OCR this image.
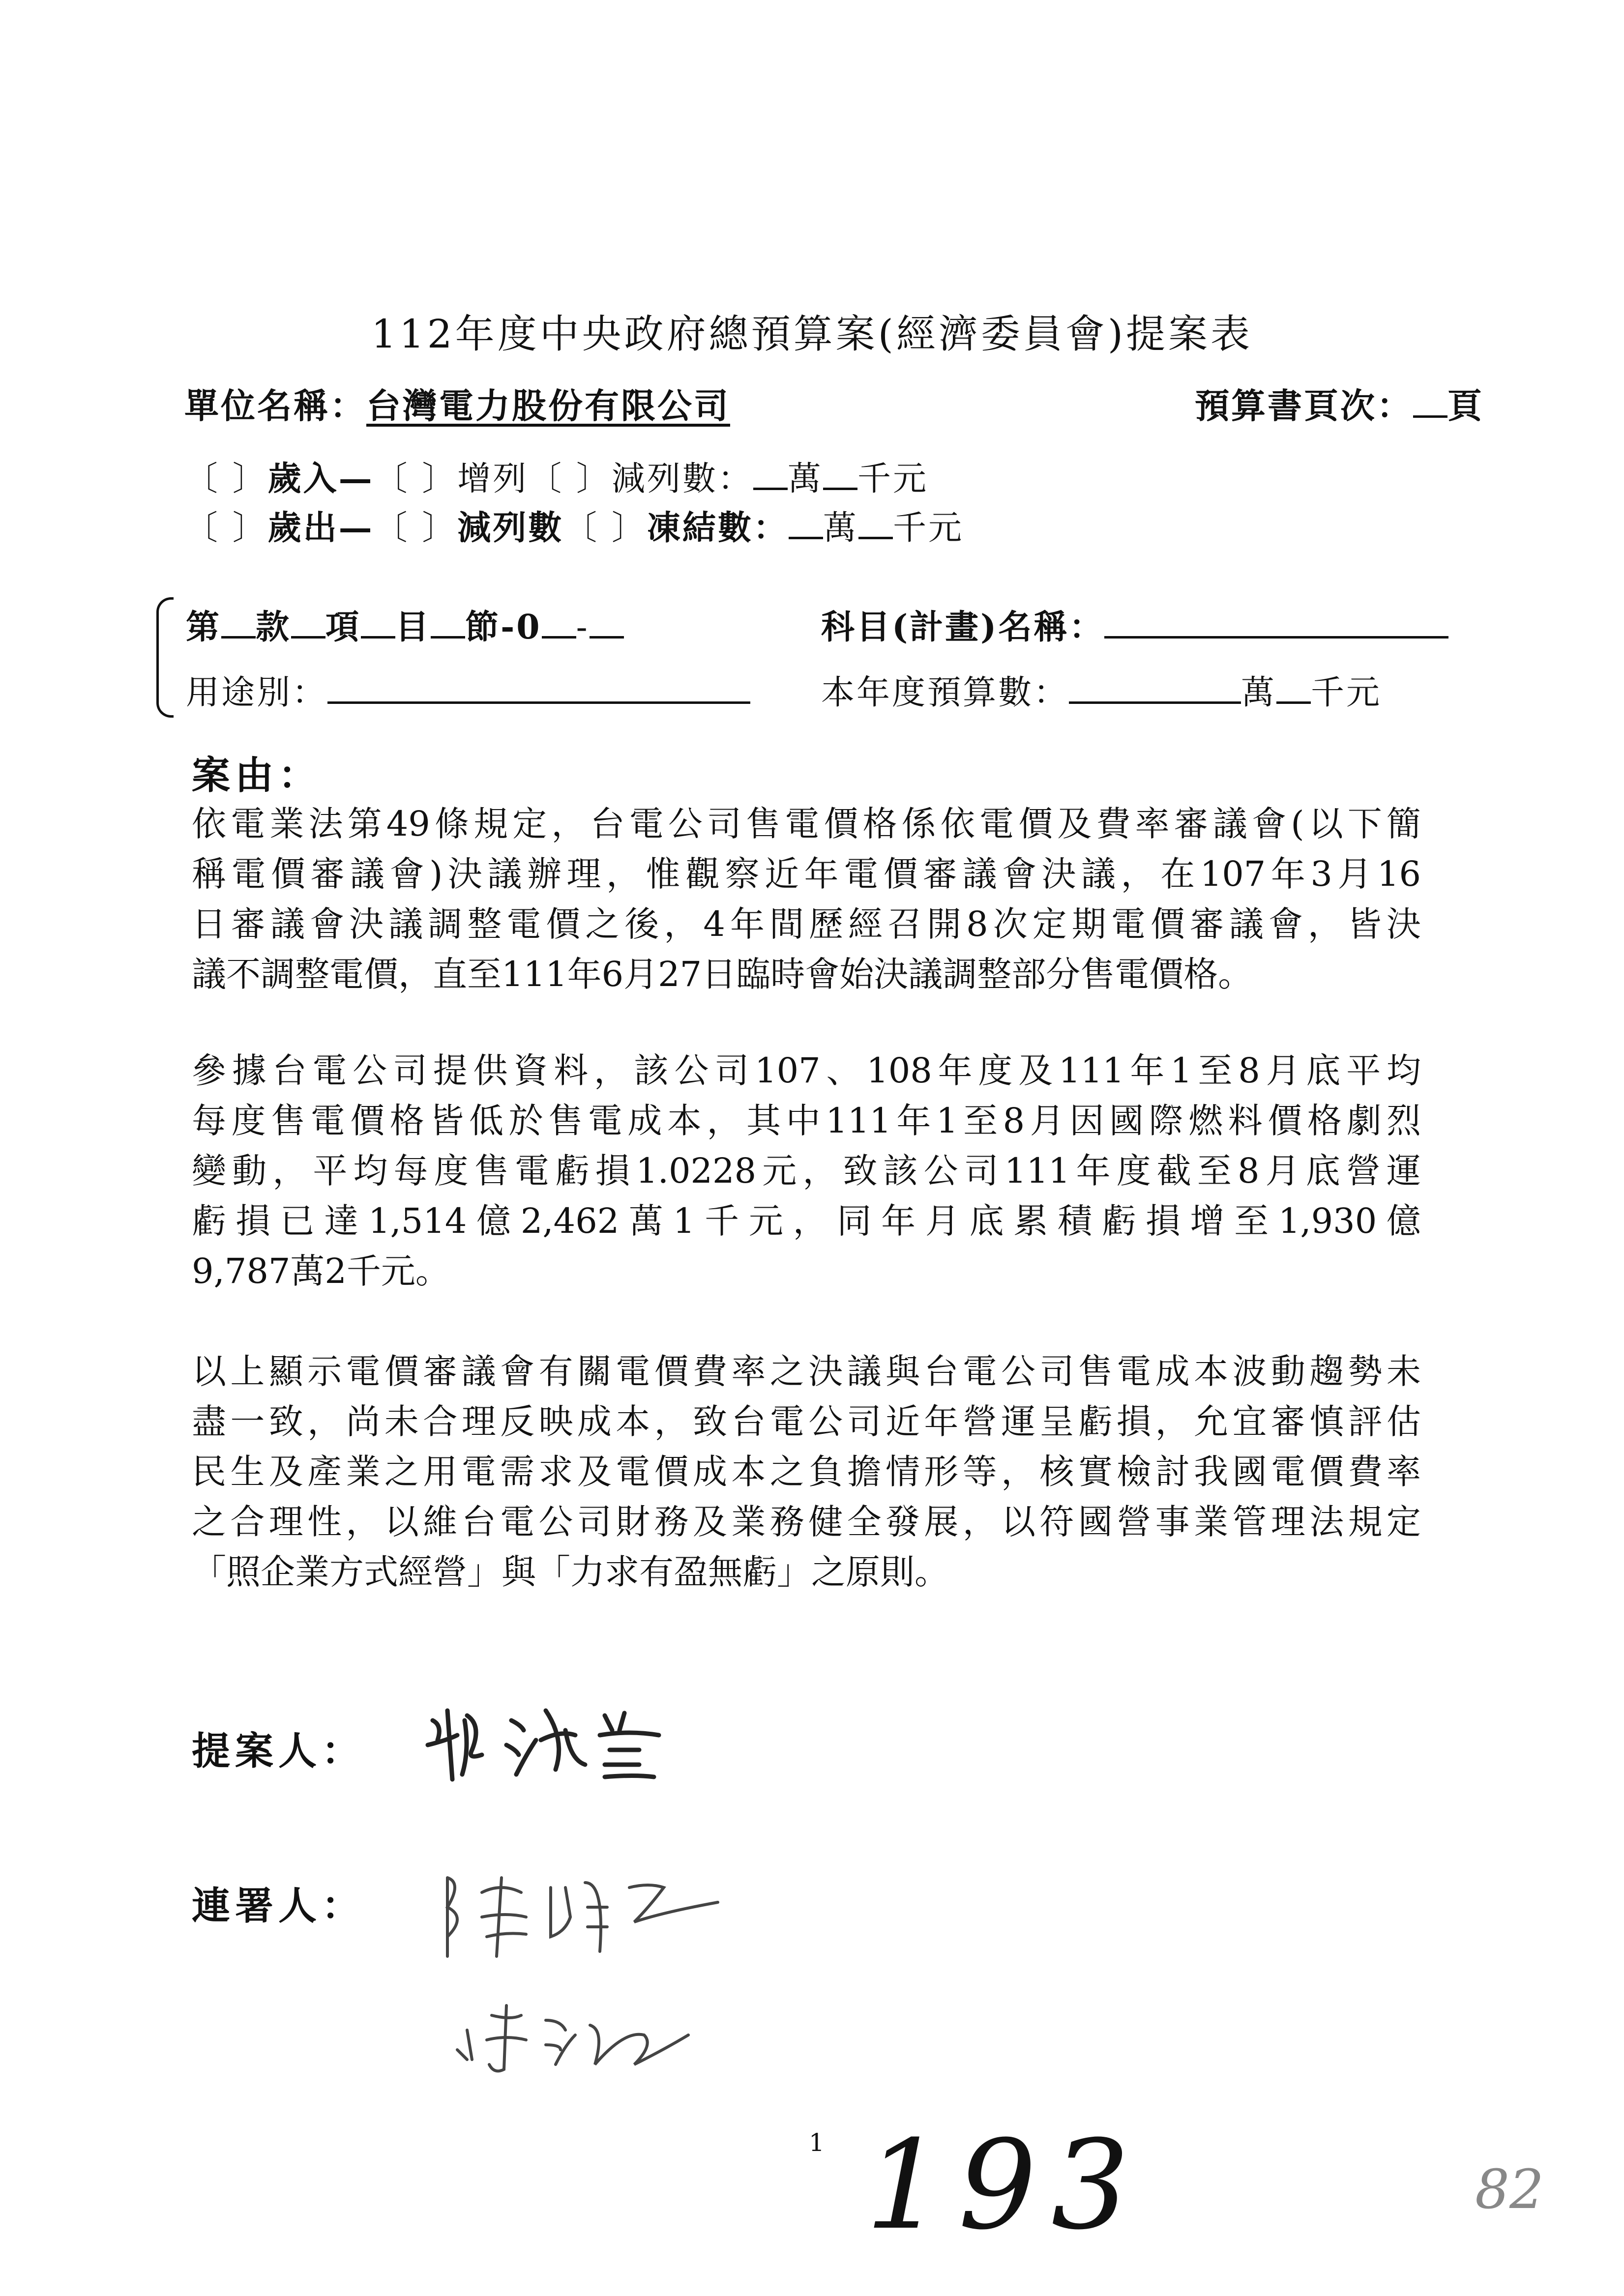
112年度中央政府總預算案(經濟委員會)提案表
單位名稱：台灣電力股份有限公司	預算書頁次： 頁
〔 〕歲入—〔 〕增列〔 〕減列數： 萬 千元
〔 〕歲出—〔 〕減列數〔 〕凍結數： 萬 千元
第 款 項 目 節-0 -	科目(計畫)名稱：
用途別：	本年度預算數：	萬 千元
案由：
依電業法第49條規定，台電公司售電價格係依電價及費率審議會(以下簡
稱電價審議會)決議辦理，惟觀察近年電價審議會決議，在107年3月16
日審議會決議調整電價之後，4年間歷經召開8次定期電價審議會，皆決
議不調整電價，直至111年6月27日臨時會始決議調整部分售電價格。
參據台電公司提供資料，該公司107、108年度及111年1至8月底平均
每度售電價格皆低於售電成本，其中111年1至8月因國際燃料價格劇烈
變動，平均每度售電虧損1.0228元，致該公司111年度截至8月底營運
虧損已達1,514億2,462萬1千元，同年月底累積虧損增至1,930億
9,787萬2千元。
以上顯示電價審議會有關電價費率之決議與台電公司售電成本波動趨勢未
盡一致，尚未合理反映成本，致台電公司近年營運呈虧損，允宜審慎評估
民生及產業之用電需求及電價成本之負擔情形等，核實檢討我國電價費率
之合理性，以維台電公司財務及業務健全發展，以符國營事業管理法規定
「照企業方式經營」與「力求有盈無虧」之原則。
提案人：
連署人：
1 193	82
